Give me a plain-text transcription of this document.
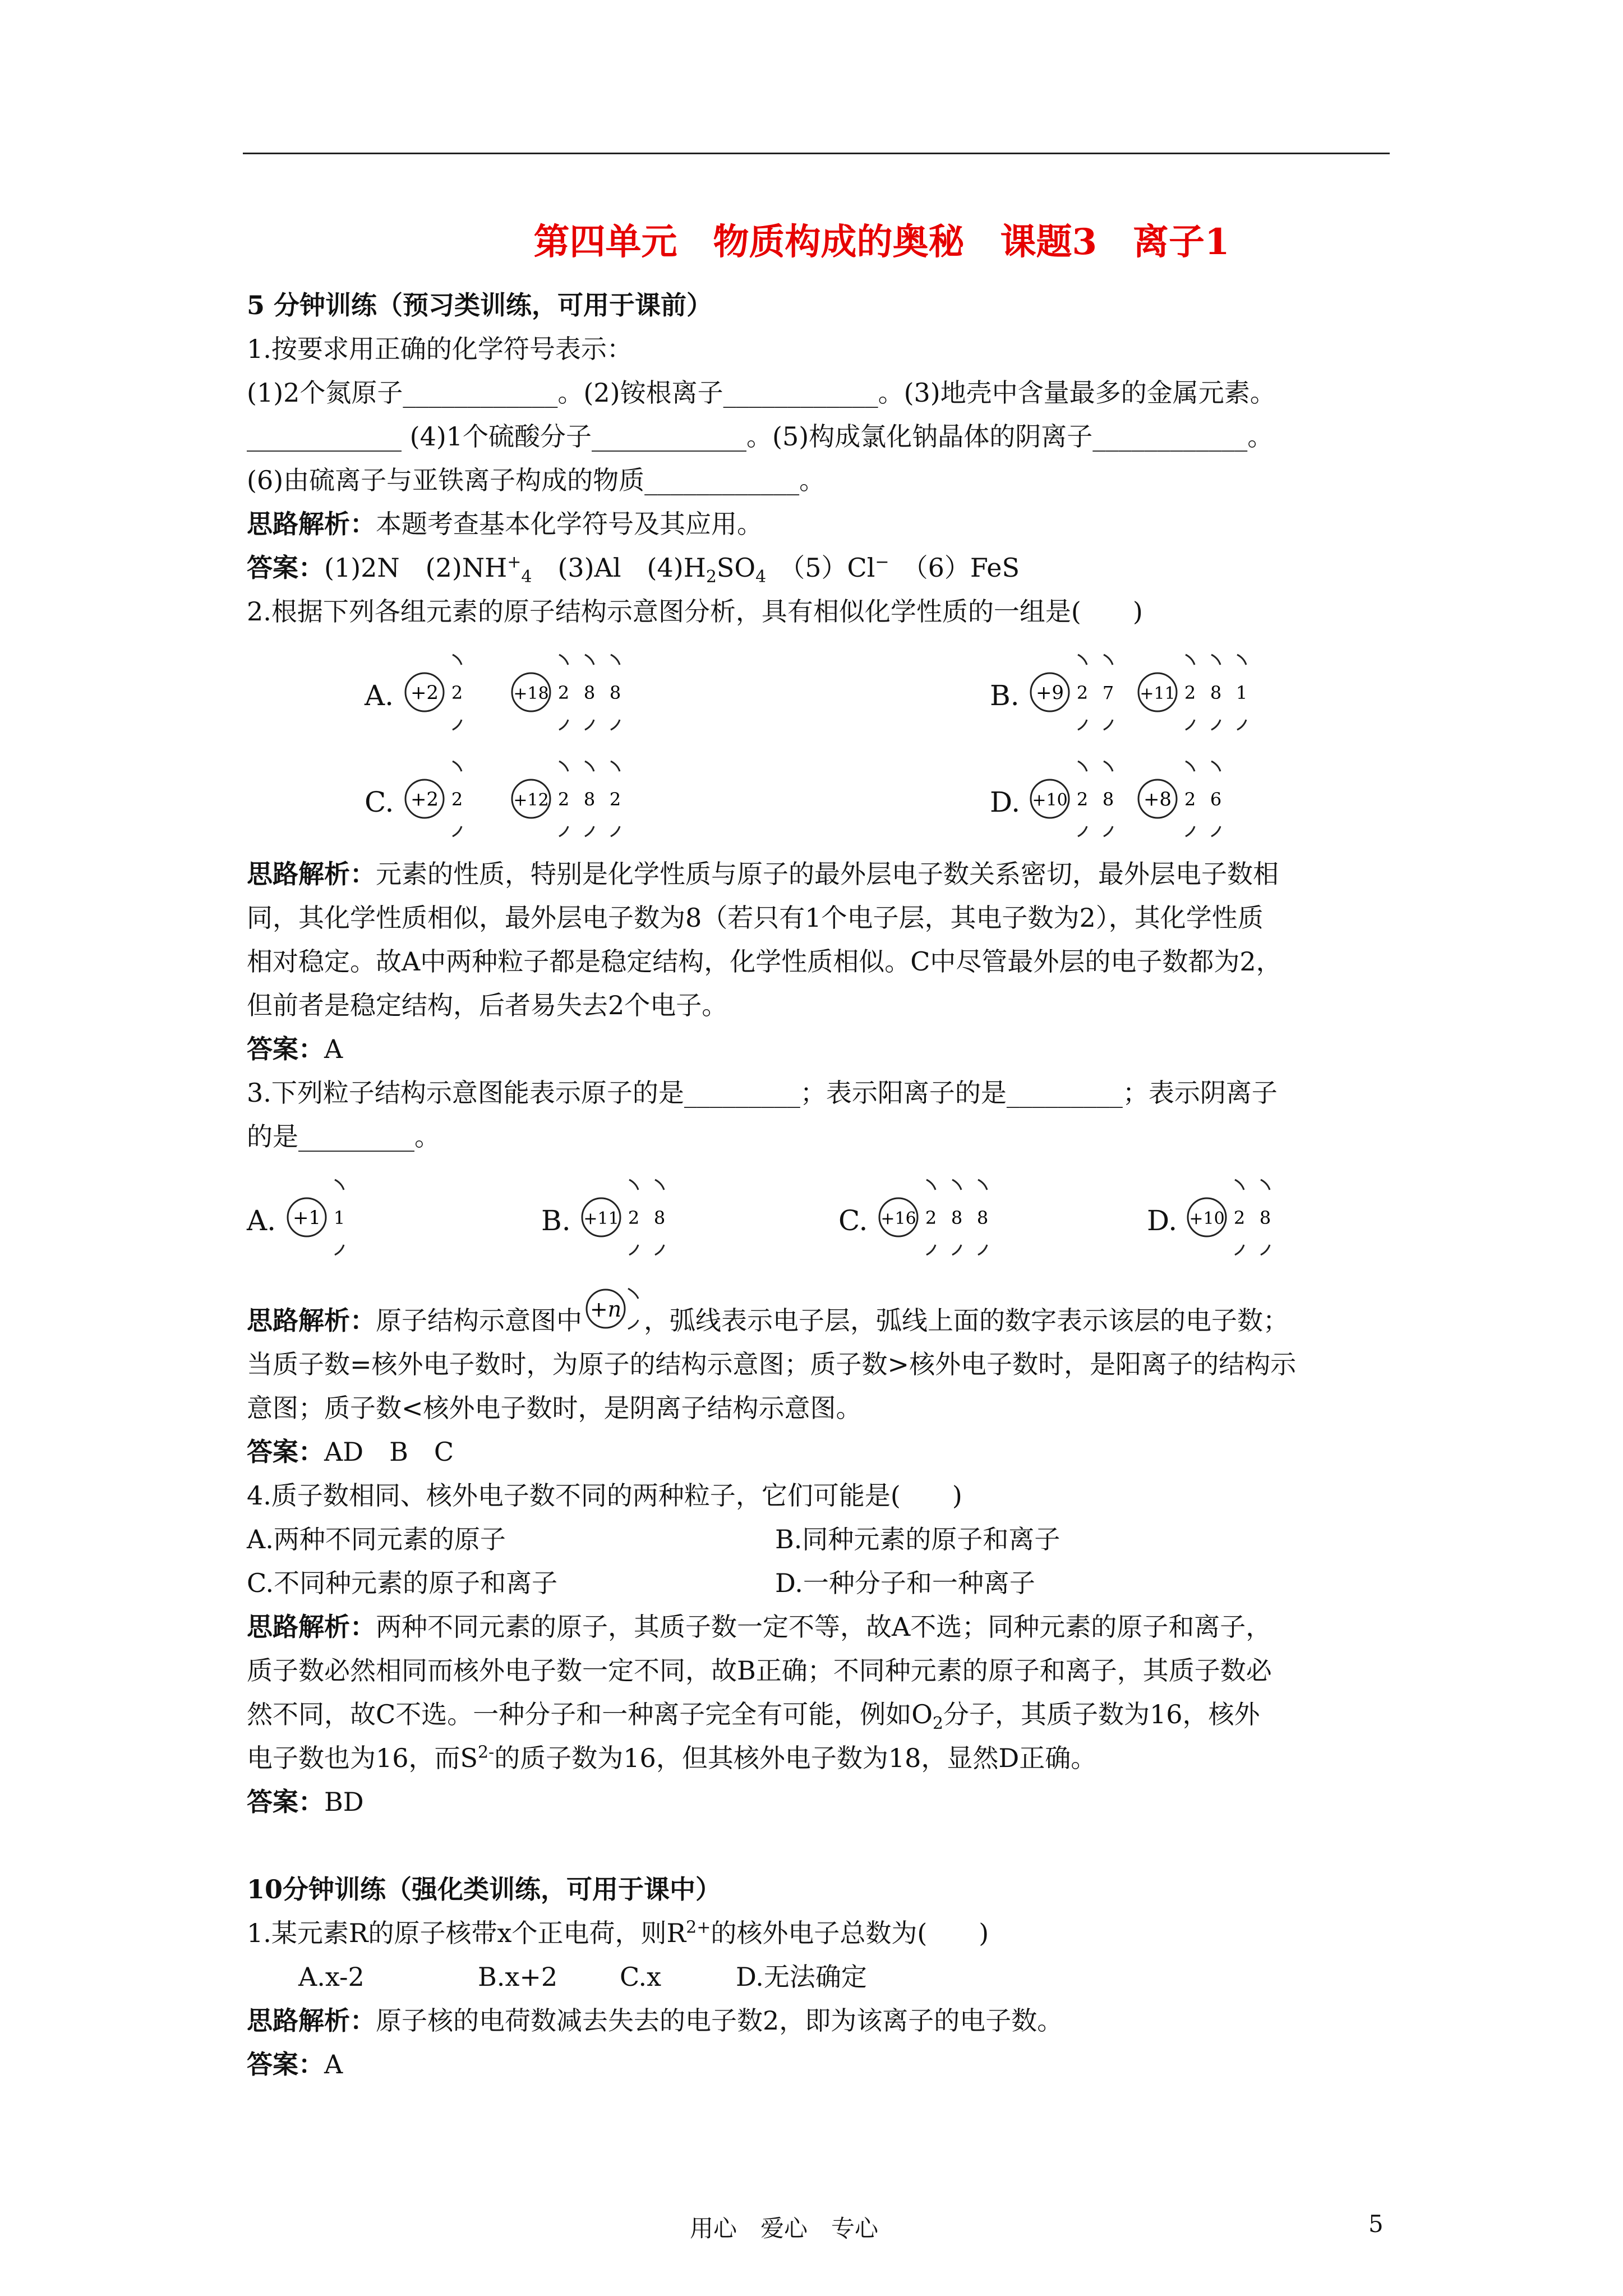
第四单元　物质构成的奥秘　课题3　离子1
5 分钟训练（预习类训练，可用于课前）
1.按要求用正确的化学符号表示：
(1)2个氮原子____________。(2)铵根离子____________。(3)地壳中含量最多的金属元素。
____________ (4)1个硫酸分子____________。(5)构成氯化钠晶体的阴离子____________。
(6)由硫离子与亚铁离子构成的物质____________。
思路解析：本题考查基本化学符号及其应用。
答案：(1)2N　$(2)NH^+_4$　(3)Al　$(4)H_2SO_4$　（5）Cl−　（6）FeS
2.根据下列各组元素的原子结构示意图分析，具有相似化学性质的一组是(　　)
A. +2 2	+18 2 8 8	B. +9 2 7 +11 2 8 1
C. +2 2	+12 2 8 2	D. +10 2 8 +8 2 6
思路解析：元素的性质，特别是化学性质与原子的最外层电子数关系密切，最外层电子数相
同，其化学性质相似，最外层电子数为8（若只有1个电子层，其电子数为2），其化学性质
相对稳定。故A中两种粒子都是稳定结构，化学性质相似。C中尽管最外层的电子数都为2，
但前者是稳定结构，后者易失去2个电子。
答案：A
3.下列粒子结构示意图能表示原子的是_________；表示阳离子的是_________；表示阴离子
的是_________。
A. +1 1	B. +11 2 8	C. +16 2 8 8	D. +10 2 8
思路解析：原子结构示意图中 +n ，弧线表示电子层，弧线上面的数字表示该层的电子数；
当质子数=核外电子数时，为原子的结构示意图；质子数>核外电子数时，是阳离子的结构示
意图；质子数<核外电子数时，是阴离子结构示意图。
答案：AD　B　C
4.质子数相同、核外电子数不同的两种粒子，它们可能是(　　)
A.两种不同元素的原子	B.同种元素的原子和离子
C.不同种元素的原子和离子	D.一种分子和一种离子
思路解析：两种不同元素的原子，其质子数一定不等，故A不选；同种元素的原子和离子，
质子数必然相同而核外电子数一定不同，故B正确；不同种元素的原子和离子，其质子数必
然不同，故C不选。一种分子和一种离子完全有可能，例如$O_2$分子，其质子数为16，核外
电子数也为16，而$S^{2-}$的质子数为16，但其核外电子数为18，显然D正确。
答案：BD
10分钟训练（强化类训练，可用于课中）
1.某元素R的原子核带x个正电荷，则$R^{2+}$的核外电子总数为(　　)
A.x-2	B.x+2 C.x	D.无法确定
思路解析：原子核的电荷数减去失去的电子数2，即为该离子的电子数。
答案：A
用心　爱心　专心	5
